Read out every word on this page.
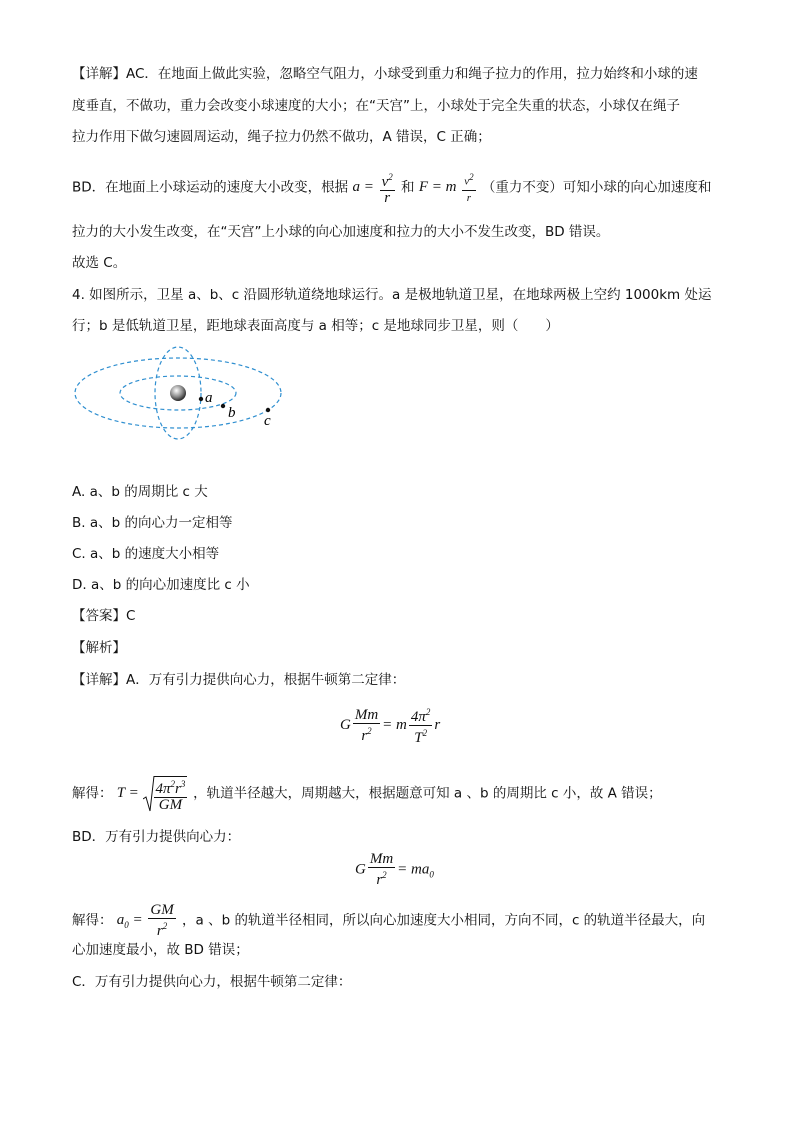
【详解】AC．在地面上做此实验，忽略空气阻力，小球受到重力和绳子拉力的作用，拉力始终和小球的速
度垂直，不做功，重力会改变小球速度的大小；在“天宫”上，小球处于完全失重的状态，小球仅在绳子
拉力作用下做匀速圆周运动，绳子拉力仍然不做功，A 错误，C 正确；
BD．在地面上小球运动的速度大小改变，根据 $a = \frac{v^2}{r}$ 和 F = m $\frac{v^2}{r}$ （重力不变）可知小球的向心加速度和
拉力的大小发生改变，在“天宫”上小球的向心加速度和拉力的大小不发生改变，BD 错误。
故选 C。
4. 如图所示，卫星 a、b、c 沿圆形轨道绕地球运行。a 是极地轨道卫星，在地球两极上空约 1000km 处运
行；b 是低轨道卫星，距地球表面高度与 a 相等；c 是地球同步卫星，则（　　）
a
b c
A. a、b 的周期比 c 大
B. a、b 的向心力一定相等
C. a、b 的速度大小相等
D. a、b 的向心加速度比 c 小
【答案】C
【解析】
【详解】A．万有引力提供向心力，根据牛顿第二定律：
G $\frac{Mm}{r^2} = m \frac{4\pi^2}{T^2}$ r
解得： $T = \frac{4\pi^2r^3}{GM}$ ，轨道半径越大，周期越大，根据题意可知 a 、b 的周期比 c 小，故 A 错误；
BD．万有引力提供向心力：
G $\frac{Mm}{r^2} = ma_0$
解得： $a_0 = \frac{GM}{r^2}$ ，a 、b 的轨道半径相同，所以向心加速度大小相同，方向不同，c 的轨道半径最大，向
心加速度最小，故 BD 错误；
C．万有引力提供向心力，根据牛顿第二定律：
